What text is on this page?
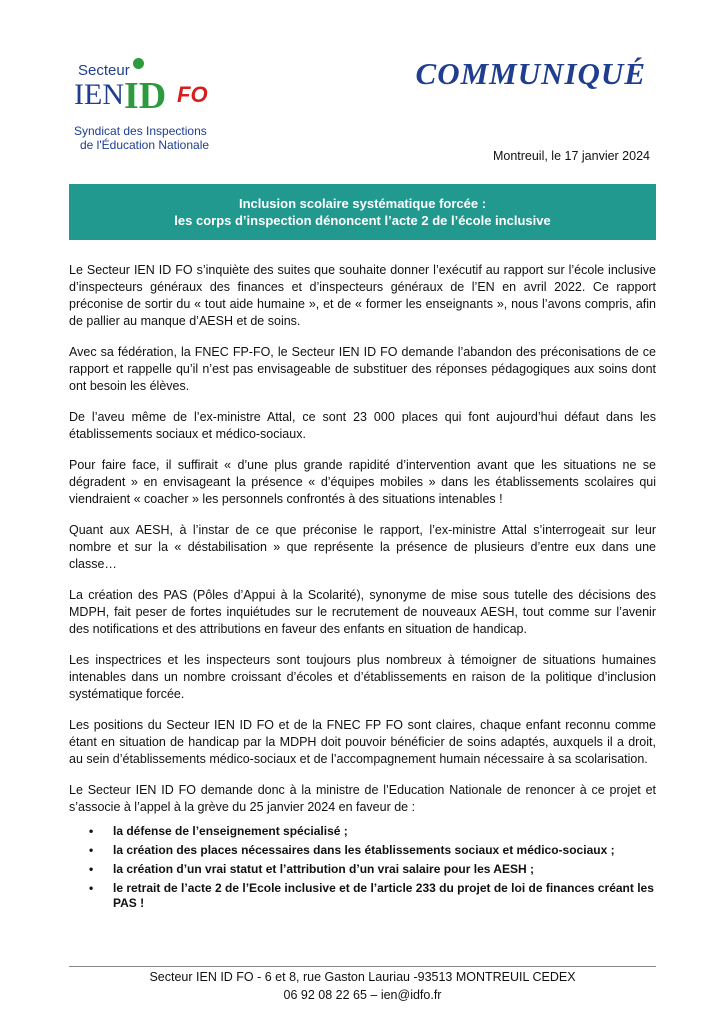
Secteur
IEN ID FO
Syndicat des Inspections
de l'Éducation Nationale
COMMUNIQUÉ
Montreuil, le 17 janvier 2024
Inclusion scolaire systématique forcée :
les corps d’inspection dénoncent l’acte 2 de l’école inclusive

Le Secteur IEN ID FO s’inquiète des suites que souhaite donner l’exécutif au rapport sur l’école inclusive d’inspecteurs généraux des finances et d’inspecteurs généraux de l’EN en avril 2022. Ce rapport préconise de sortir du « tout aide humaine », et de « former les enseignants », nous l’avons compris, afin de pallier au manque d’AESH et de soins.

Avec sa fédération, la FNEC FP-FO, le Secteur IEN ID FO demande l’abandon des préconisations de ce rapport et rappelle qu’il n’est pas envisageable de substituer des réponses pédagogiques aux soins dont ont besoin les élèves.

De l’aveu même de l’ex-ministre Attal, ce sont 23 000 places qui font aujourd’hui défaut dans les établissements sociaux et médico-sociaux.

Pour faire face, il suffirait « d’une plus grande rapidité d’intervention avant que les situations ne se dégradent » en envisageant la présence « d’équipes mobiles » dans les établissements scolaires qui viendraient « coacher » les personnels confrontés à des situations intenables !

Quant aux AESH, à l’instar de ce que préconise le rapport, l’ex-ministre Attal s’interrogeait sur leur nombre et sur la « déstabilisation » que représente la présence de plusieurs d’entre eux dans une classe…

La création des PAS (Pôles d’Appui à la Scolarité), synonyme de mise sous tutelle des décisions des MDPH, fait peser de fortes inquiétudes sur le recrutement de nouveaux AESH, tout comme sur l’avenir des notifications et des attributions en faveur des enfants en situation de handicap.

Les inspectrices et les inspecteurs sont toujours plus nombreux à témoigner de situations humaines intenables dans un nombre croissant d’écoles et d’établissements en raison de la politique d’inclusion systématique forcée.

Les positions du Secteur IEN ID FO et de la FNEC FP FO sont claires, chaque enfant reconnu comme étant en situation de handicap par la MDPH doit pouvoir bénéficier de soins adaptés, auxquels il a droit, au sein d’établissements médico-sociaux et de l’accompagnement humain nécessaire à sa scolarisation.

Le Secteur IEN ID FO demande donc à la ministre de l’Education Nationale de renoncer à ce projet et s’associe à l’appel à la grève du 25 janvier 2024 en faveur de :

• la défense de l’enseignement spécialisé ;
• la création des places nécessaires dans les établissements sociaux et médico-sociaux ;
• la création d’un vrai statut et l’attribution d’un vrai salaire pour les AESH ;
• le retrait de l’acte 2 de l’Ecole inclusive et de l’article 233 du projet de loi de finances créant les PAS !
Secteur IEN ID FO - 6 et 8, rue Gaston Lauriau -93513 MONTREUIL CEDEX
06 92 08 22 65 – ien@idfo.fr
